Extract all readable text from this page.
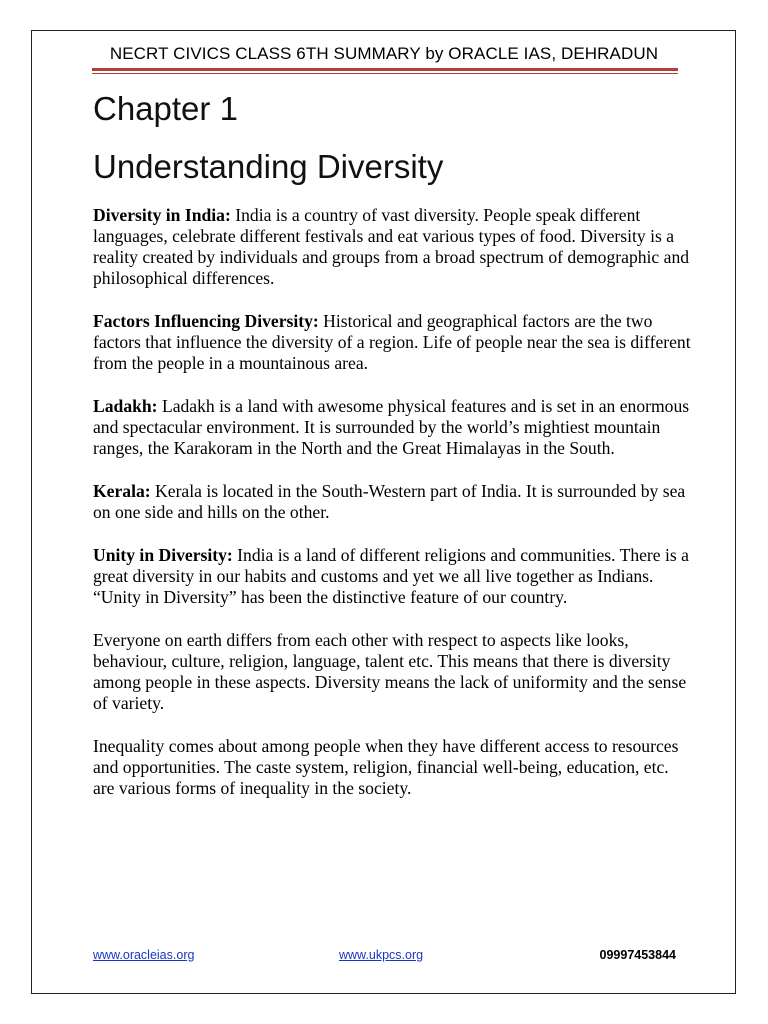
NECRT CIVICS CLASS 6TH SUMMARY by ORACLE IAS, DEHRADUN
Chapter 1
Understanding Diversity

Diversity in India: India is a country of vast diversity. People speak different languages, celebrate different festivals and eat various types of food. Diversity is a reality created by individuals and groups from a broad spectrum of demographic and philosophical differences.

Factors Influencing Diversity: Historical and geographical factors are the two factors that influence the diversity of a region. Life of people near the sea is different from the people in a mountainous area.

Ladakh: Ladakh is a land with awesome physical features and is set in an enormous and spectacular environment. It is surrounded by the world’s mightiest mountain ranges, the Karakoram in the North and the Great Himalayas in the South.

Kerala: Kerala is located in the South-Western part of India. It is surrounded by sea on one side and hills on the other.

Unity in Diversity: India is a land of different religions and communities. There is a great diversity in our habits and customs and yet we all live together as Indians. “Unity in Diversity” has been the distinctive feature of our country.

Everyone on earth differs from each other with respect to aspects like looks, behaviour, culture, religion, language, talent etc. This means that there is diversity among people in these aspects. Diversity means the lack of uniformity and the sense of variety.

Inequality comes about among people when they have different access to resources and opportunities. The caste system, religion, financial well-being, education, etc. are various forms of inequality in the society.

www.oracleias.org	www.ukpcs.org	09997453844
